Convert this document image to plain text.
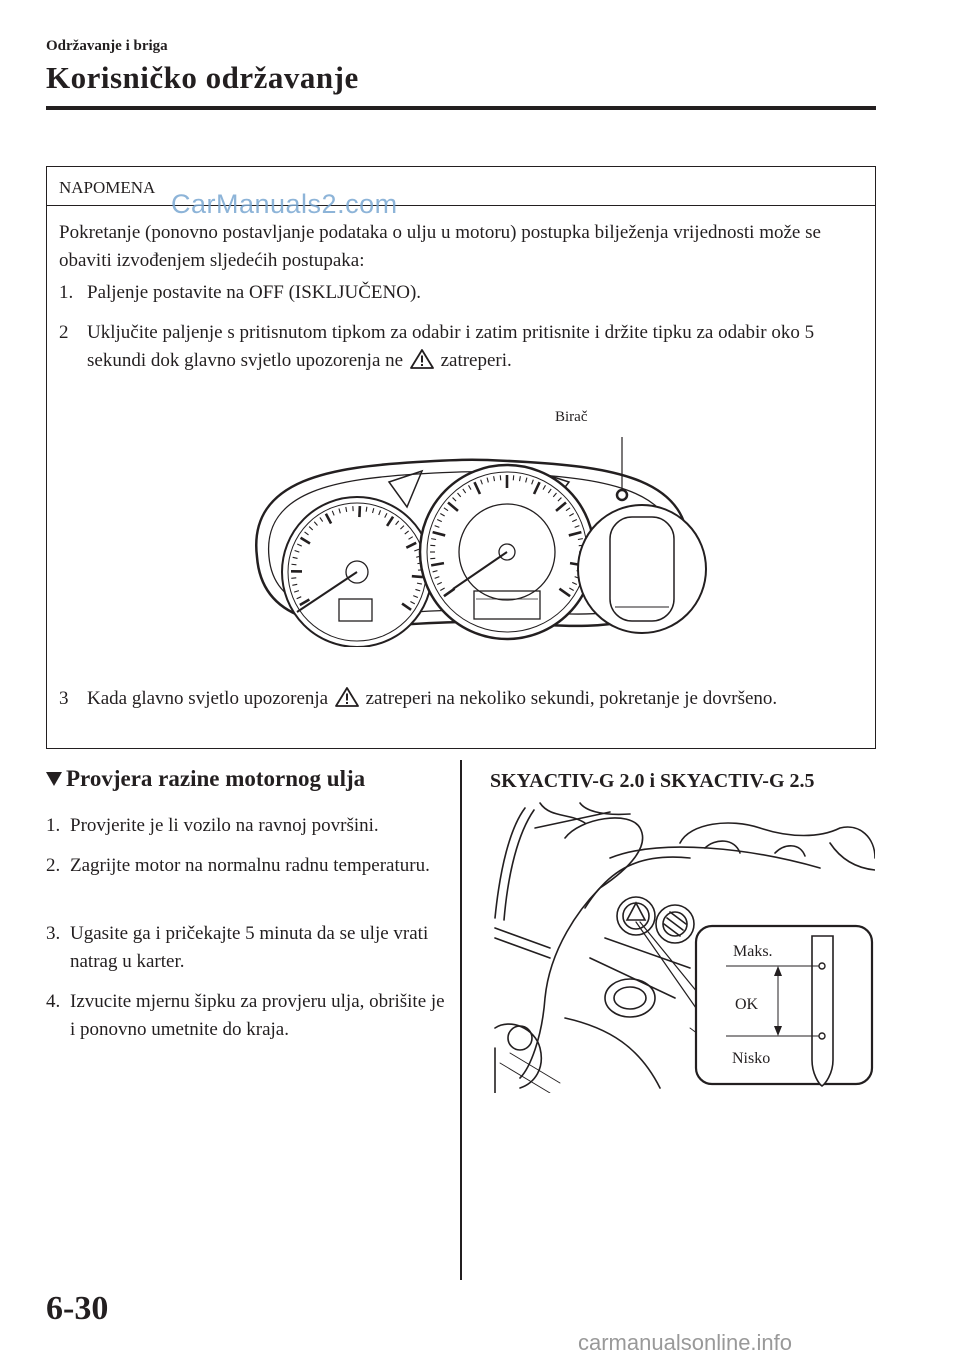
Održavanje i briga
Korisničko održavanje
NAPOMENA
CarManuals2.com
Pokretanje (ponovno postavljanje podataka o ulju u motoru) postupka bilježenja vrijednosti može se obaviti izvođenjem sljedećih postupaka:
1. Paljenje postavite na OFF (ISKLJUČENO).
2 Uključite paljenje s pritisnutom tipkom za odabir i zatim pritisnite i držite tipku za odabir oko 5 sekundi dok glavno svjetlo upozorenja ne zatreperi.
Birač
3 Kada glavno svjetlo upozorenja zatreperi na nekoliko sekundi, pokretanje je dovršeno.
Provjera razine motornog ulja
1. Provjerite je li vozilo na ravnoj površini.
2. Zagrijte motor na normalnu radnu temperaturu.
3. Ugasite ga i pričekajte 5 minuta da se ulje vrati natrag u karter.
4. Izvucite mjernu šipku za provjeru ulja, obrišite je i ponovno umetnite do kraja.
SKYACTIV-G 2.0 i SKYACTIV-G 2.5
Maks.
OK
Nisko
6-30
carmanualsonline.info
